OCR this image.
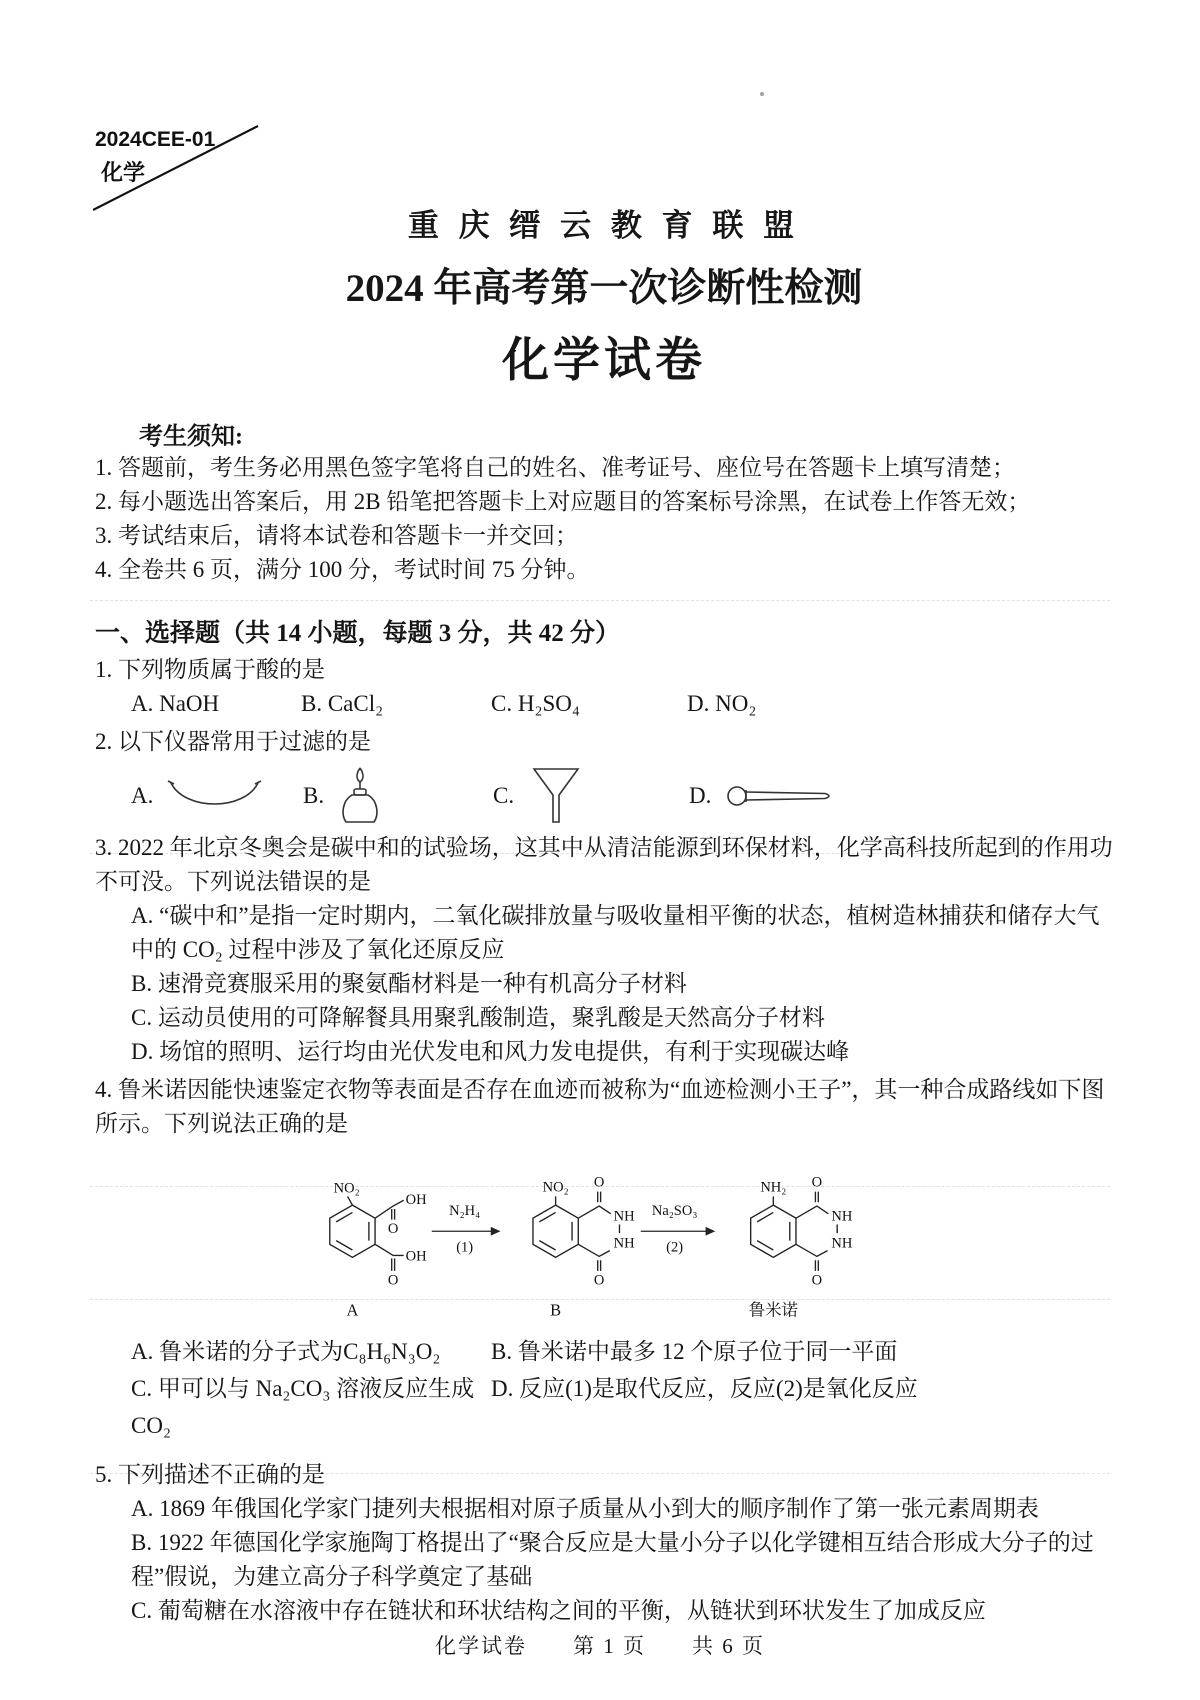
2024CEE-01
化学
重 庆 缙 云 教 育 联 盟
2024 年高考第一次诊断性检测
化学试卷
考生须知:
1. 答题前，考生务必用黑色签字笔将自己的姓名、准考证号、座位号在答题卡上填写清楚；
2. 每小题选出答案后，用 2B 铅笔把答题卡上对应题目的答案标号涂黑，在试卷上作答无效；
3. 考试结束后，请将本试卷和答题卡一并交回；
4. 全卷共 6 页，满分 100 分，考试时间 75 分钟。
一、选择题（共 14 小题，每题 3 分，共 42 分）
1. 下列物质属于酸的是
A. NaOH	B. CaCl₂	C. H₂SO₄	D. NO₂
2. 以下仪器常用于过滤的是
A.	B.	C.	D.
3. 2022 年北京冬奥会是碳中和的试验场，这其中从清洁能源到环保材料，化学高科技所起到的作用功不可没。下列说法错误的是
A. “碳中和”是指一定时期内，二氧化碳排放量与吸收量相平衡的状态，植树造林捕获和储存大气中的 CO₂ 过程中涉及了氧化还原反应
B. 速滑竞赛服采用的聚氨酯材料是一种有机高分子材料
C. 运动员使用的可降解餐具用聚乳酸制造，聚乳酸是天然高分子材料
D. 场馆的照明、运行均由光伏发电和风力发电提供，有利于实现碳达峰
4. 鲁米诺因能快速鉴定衣物等表面是否存在血迹而被称为“血迹检测小王子”，其一种合成路线如下图所示。下列说法正确的是
NO₂
OH
O
OH
O
N₂H₄
(1)
NO₂ O
NH
NH
O
Na₂SO₃
(2)
NH₂ O
NH
NH
O
A	B	鲁米诺
A. 鲁米诺的分子式为C₈H₆N₃O₂	B. 鲁米诺中最多 12 个原子位于同一平面
C. 甲可以与 Na₂CO₃ 溶液反应生成 CO₂
D. 反应(1)是取代反应，反应(2)是氧化反应
5. 下列描述不正确的是
A. 1869 年俄国化学家门捷列夫根据相对原子质量从小到大的顺序制作了第一张元素周期表
B. 1922 年德国化学家施陶丁格提出了“聚合反应是大量小分子以化学键相互结合形成大分子的过程”假说，为建立高分子科学奠定了基础
C. 葡萄糖在水溶液中存在链状和环状结构之间的平衡，从链状到环状发生了加成反应
化学试卷　　第 1 页　　共 6 页
